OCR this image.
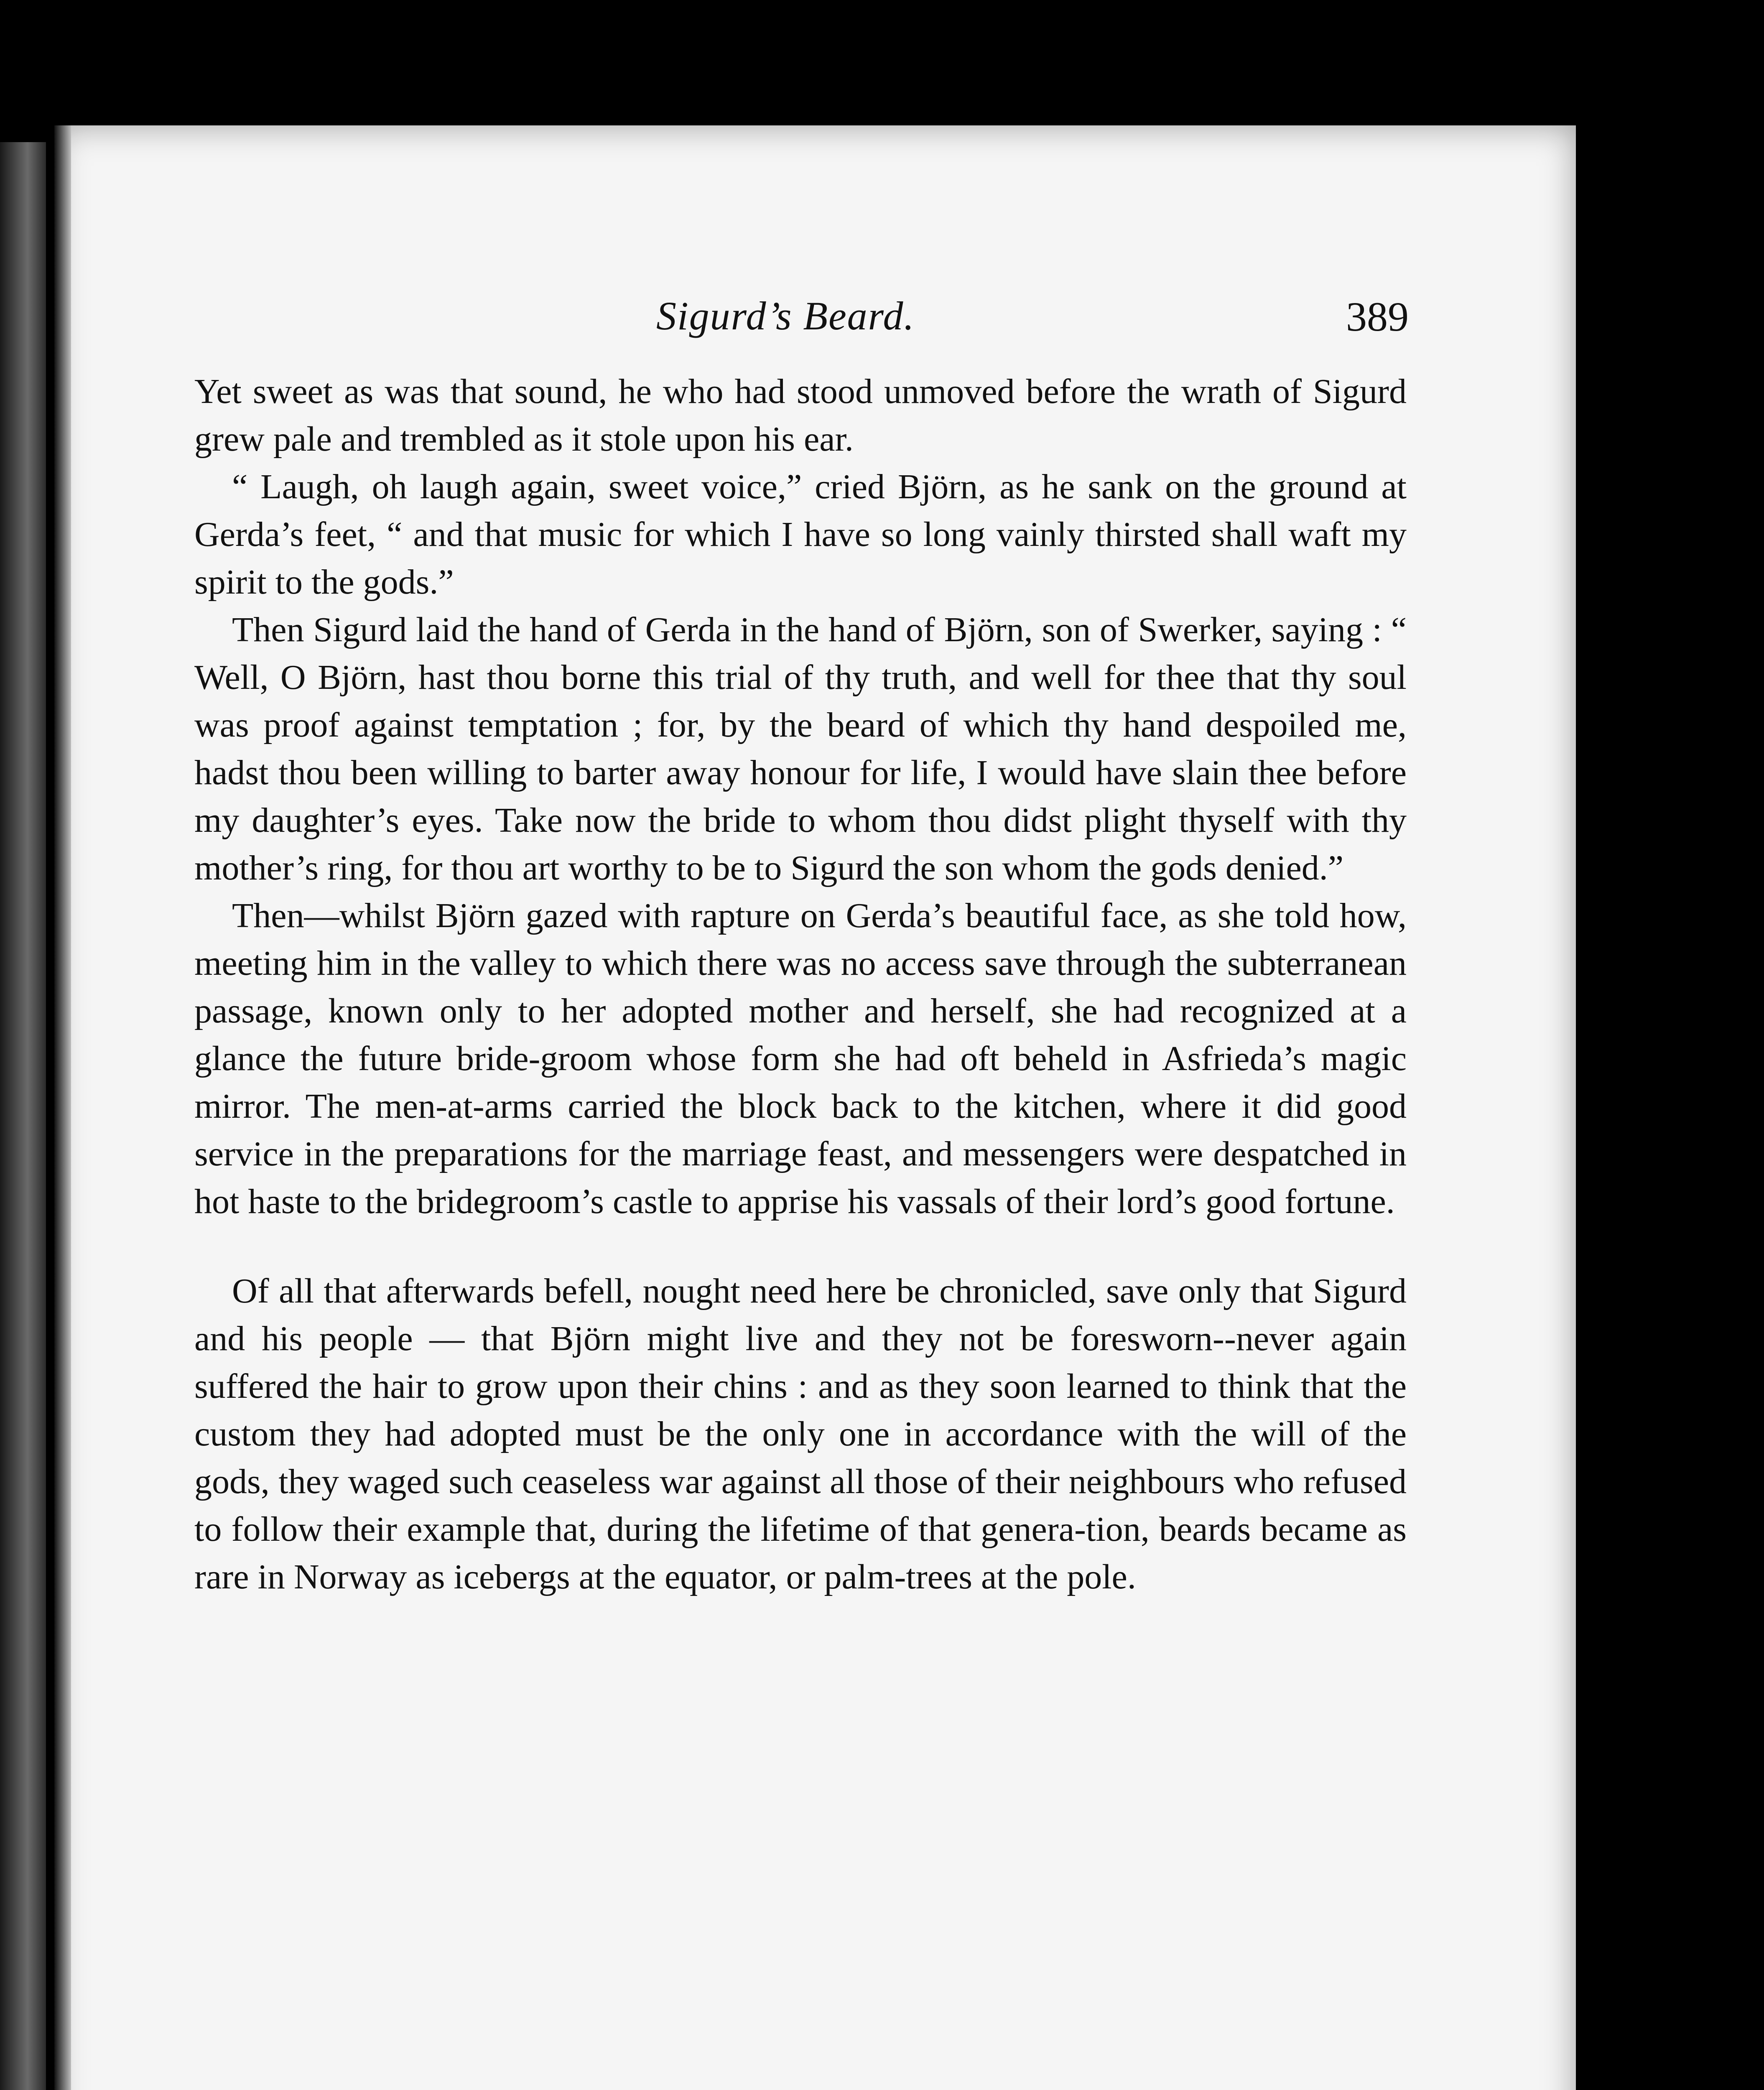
Sigurd’s Beard.	389

Yet sweet as was that sound, he who had stood unmoved before the wrath of Sigurd grew pale and trembled as it stole upon his ear.

“ Laugh, oh laugh again, sweet voice,” cried Björn, as he sank on the ground at Gerda’s feet, “ and that music for which I have so long vainly thirsted shall waft my spirit to the gods.”

Then Sigurd laid the hand of Gerda in the hand of Björn, son of Swerker, saying : “ Well, O Björn, hast thou borne this trial of thy truth, and well for thee that thy soul was proof against temptation ; for, by the beard of which thy hand despoiled me, hadst thou been willing to barter away honour for life, I would have slain thee before my daughter’s eyes. Take now the bride to whom thou didst plight thyself with thy mother’s ring, for thou art worthy to be to Sigurd the son whom the gods denied.”

Then—whilst Björn gazed with rapture on Gerda’s beautiful face, as she told how, meeting him in the valley to which there was no access save through the subterranean passage, known only to her adopted mother and herself, she had recognized at a glance the future bride-groom whose form she had oft beheld in Asfrieda’s magic mirror. The men-at-arms carried the block back to the kitchen, where it did good service in the preparations for the marriage feast, and messengers were despatched in hot haste to the bridegroom’s castle to apprise his vassals of their lord’s good fortune.

Of all that afterwards befell, nought need here be chronicled, save only that Sigurd and his people — that Björn might live and they not be foresworn--never again suffered the hair to grow upon their chins : and as they soon learned to think that the custom they had adopted must be the only one in accordance with the will of the gods, they waged such ceaseless war against all those of their neighbours who refused to follow their example that, during the lifetime of that genera-tion, beards became as rare in Norway as icebergs at the equator, or palm-trees at the pole.
